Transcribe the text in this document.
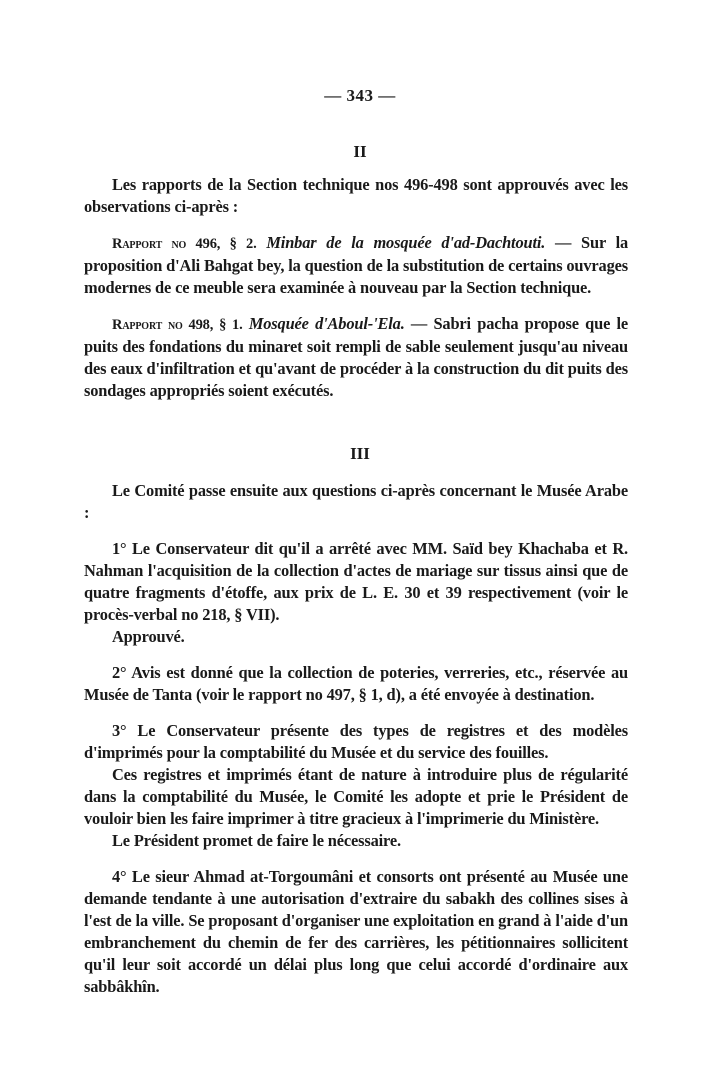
— 343 —
II

Les rapports de la Section technique nos 496-498 sont approuvés avec les observations ci-après :

Rapport no 496, § 2. Minbar de la mosquée d'ad-Dachtouti. — Sur la proposition d'Ali Bahgat bey, la question de la substitution de certains ouvrages modernes de ce meuble sera examinée à nouveau par la Section technique.

Rapport no 498, § 1. Mosquée d'Aboul-'Ela. — Sabri pacha propose que le puits des fondations du minaret soit rempli de sable seulement jusqu'au niveau des eaux d'infiltration et qu'avant de procéder à la construction du dit puits des sondages appropriés soient exécutés.

III

Le Comité passe ensuite aux questions ci-après concernant le Musée Arabe :

1° Le Conservateur dit qu'il a arrêté avec MM. Saïd bey Khachaba et R. Nahman l'acquisition de la collection d'actes de mariage sur tissus ainsi que de quatre fragments d'étoffe, aux prix de L. E. 30 et 39 respectivement (voir le procès-verbal no 218, § VII).

Approuvé.

2° Avis est donné que la collection de poteries, verreries, etc., réservée au Musée de Tanta (voir le rapport no 497, § 1, d), a été envoyée à destination.

3° Le Conservateur présente des types de registres et des modèles d'imprimés pour la comptabilité du Musée et du service des fouilles.

Ces registres et imprimés étant de nature à introduire plus de régularité dans la comptabilité du Musée, le Comité les adopte et prie le Président de vouloir bien les faire imprimer à titre gracieux à l'imprimerie du Ministère.

Le Président promet de faire le nécessaire.

4° Le sieur Ahmad at-Torgoumâni et consorts ont présenté au Musée une demande tendante à une autorisation d'extraire du sabakh des collines sises à l'est de la ville. Se proposant d'organiser une exploitation en grand à l'aide d'un embranchement du chemin de fer des carrières, les pétitionnaires sollicitent qu'il leur soit accordé un délai plus long que celui accordé d'ordinaire aux sabbâkhîn.
